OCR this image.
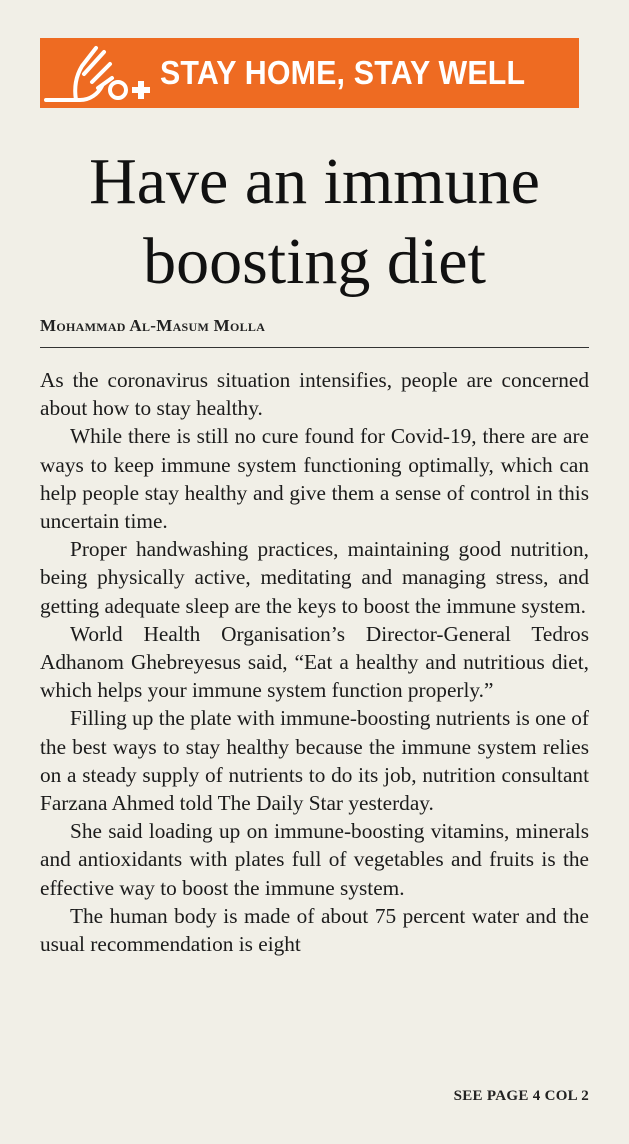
STAY HOME, STAY WELL
Have an immune
boosting diet
Mohammad Al-Masum Molla

As the coronavirus situation intensifies, people are concerned about how to stay healthy.

While there is still no cure found for Covid-19, there are are ways to keep immune system functioning optimally, which can help people stay healthy and give them a sense of control in this uncertain time.

Proper handwashing practices, maintaining good nutrition, being physically active, meditating and managing stress, and getting adequate sleep are the keys to boost the immune system.

World Health Organisation’s Director-General Tedros Adhanom Ghebreyesus said, “Eat a healthy and nutritious diet, which helps your immune system function properly.”

Filling up the plate with immune-boosting nutrients is one of the best ways to stay healthy because the immune system relies on a steady supply of nutrients to do its job, nutrition consultant Farzana Ahmed told The Daily Star yesterday.

She said loading up on immune-boosting vitamins, minerals and antioxidants with plates full of vegetables and fruits is the effective way to boost the immune system.

The human body is made of about 75 percent water and the usual recommendation is eight

SEE PAGE 4 COL 2
